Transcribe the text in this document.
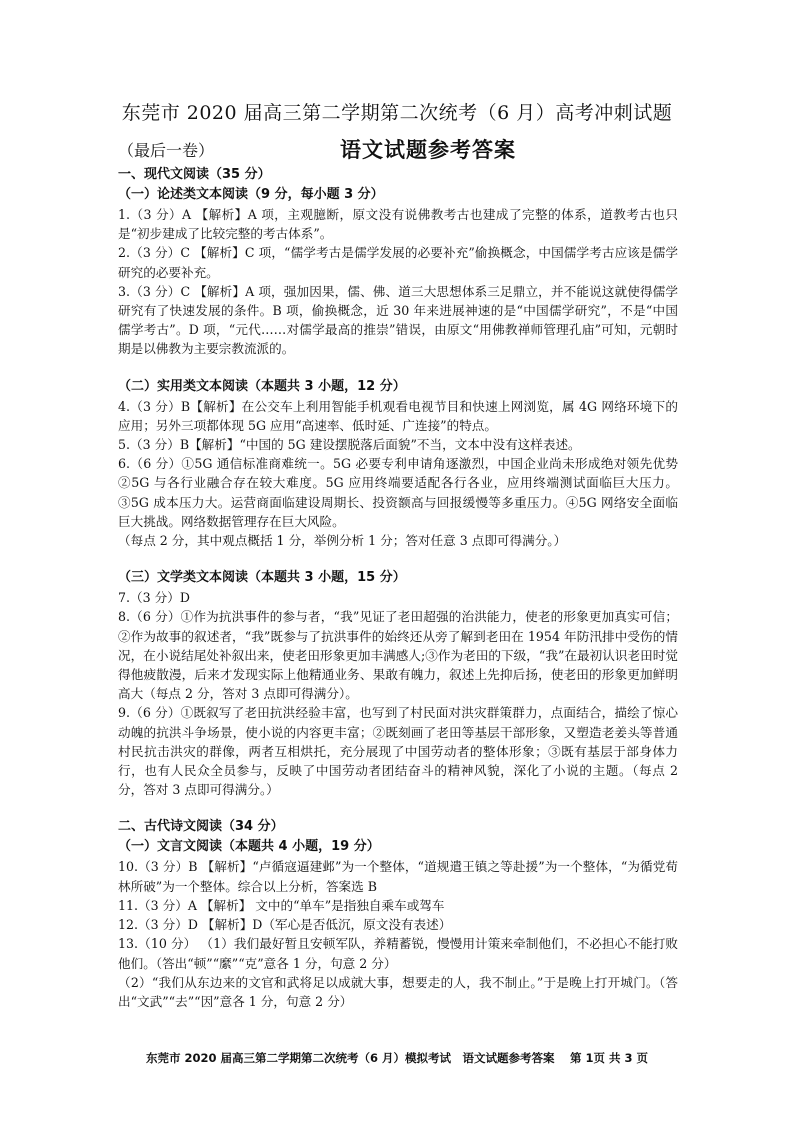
东莞市 2020 届高三第二学期第二次统考（6 月）高考冲刺试题
（最后一卷）	语文试题参考答案
一、现代文阅读（35 分）
（一）论述类文本阅读（9 分，每小题 3 分）
1.（3 分）A 【解析】A 项，主观臆断，原文没有说佛教考古也建成了完整的体系，道教考古也只是“初步建成了比较完整的考古体系”。
2.（3 分）C 【解析】C 项，“儒学考古是儒学发展的必要补充”偷换概念，中国儒学考古应该是儒学研究的必要补充。
3.（3 分）C 【解析】A 项，强加因果，儒、佛、道三大思想体系三足鼎立，并不能说这就使得儒学研究有了快速发展的条件。B 项，偷换概念，近 30 年来进展神速的是“中国儒学研究”，不是“中国儒学考古”。D 项，“元代……对儒学最高的推崇”错误，由原文“用佛教禅师管理孔庙”可知，元朝时期是以佛教为主要宗教流派的。
（二）实用类文本阅读（本题共 3 小题，12 分）
4.（3 分）B【解析】在公交车上利用智能手机观看电视节目和快速上网浏览，属 4G 网络环境下的应用；另外三项都体现 5G 应用“高速率、低时延、广连接”的特点。
5.（3 分）B【解析】“中国的 5G 建设摆脱落后面貌”不当，文本中没有这样表述。
6.（6 分）①5G 通信标准商难统一。5G 必要专利申请角逐激烈，中国企业尚未形成绝对领先优势 ②5G 与各行业融合存在较大难度。5G 应用终端要适配各行各业，应用终端测试面临巨大压力。③5G 成本压力大。运营商面临建设周期长、投资额高与回报缓慢等多重压力。④5G 网络安全面临巨大挑战。网络数据管理存在巨大风险。
（每点 2 分，其中观点概括 1 分，举例分析 1 分；答对任意 3 点即可得满分。）
（三）文学类文本阅读（本题共 3 小题，15 分）
7.（3 分）D
8.（6 分）①作为抗洪事件的参与者，“我”见证了老田超强的治洪能力，使老的形象更加真实可信；②作为故事的叙述者，“我”既参与了抗洪事件的始终还从旁了解到老田在 1954 年防汛排中受伤的情况，在小说结尾处补叙出来，使老田形象更加丰满感人;③作为老田的下级，“我”在最初认识老田时觉得他疲散漫，后来才发现实际上他精通业务、果敢有魄力，叙述上先抑后扬，使老田的形象更加鲜明高大（每点 2 分，答对 3 点即可得满分）。
9.（6 分）①既叙写了老田抗洪经验丰富，也写到了村民面对洪灾群策群力，点面结合，描绘了惊心动魄的抗洪斗争场景，使小说的内容更丰富；②既刻画了老田等基层干部形象，又塑造老姜头等普通村民抗击洪灾的群像，两者互相烘托，充分展现了中国劳动者的整体形象；③既有基层于部身体力行，也有人民众全员参与，反映了中国劳动者团结奋斗的精神风貌，深化了小说的主题。（每点 2 分，答对 3 点即可得满分。）
二、古代诗文阅读（34 分）
（一）文言文阅读（本题共 4 小题，19 分）
10.（3 分）B 【解析】“卢循寇逼建邺”为一个整体，“道规遣王镇之等赴援”为一个整体，“为循党荀林所破”为一个整体。综合以上分析，答案选 B
11.（3 分）A 【解析】 文中的“单车”是指独自乘车或驾车
12.（3 分）D 【解析】D（军心是否低沉，原文没有表述）
13.（10 分） （1）我们最好暂且安顿军队，养精蓄锐，慢慢用计策来牵制他们，不必担心不能打败他们。（答出“顿”“縻”“克”意各 1 分，句意 2 分）
（2）“我们从东边来的文官和武将足以成就大事，想要走的人，我不制止。”于是晚上打开城门。（答出“文武”“去”“因”意各 1 分，句意 2 分）
东莞市 2020 届高三第二学期第二次统考（6 月）模拟考试　语文试题参考答案　 第 1页 共 3 页
